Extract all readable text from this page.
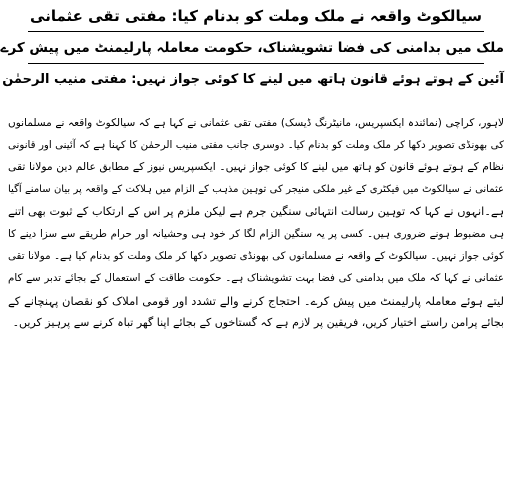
سیالکوٹ واقعہ نے ملک وملت کو بدنام کیا: مفتی تقی عثمانی
ملک میں بدامنی کی فضا تشویشناک، حکومت معاملہ پارلیمنٹ میں پیش کرے
آئین کے ہوتے ہوئے قانون ہاتھ میں لینے کا کوئی جواز نہیں: مفتی منیب الرحمٰن
لاہور، کراچی (نمائندہ ایکسپریس، مانیٹرنگ ڈیسک) مفتی تقی عثمانی نے کہا ہے کہ سیالکوٹ واقعہ نے مسلمانوں
کی بھونڈی تصویر دکھا کر ملک وملت کو بدنام کیا۔ دوسری جانب مفتی منیب الرحمٰن کا کہنا ہے کہ آئینی اور قانونی
نظام کے ہوتے ہوئے قانون کو ہاتھ میں لینے کا کوئی جواز نہیں۔ ایکسپریس نیوز کے مطابق عالم دین مولانا تقی
عثمانی نے سیالکوٹ میں فیکٹری کے غیر ملکی منیجر کی توہین مذہب کے الزام میں ہلاکت کے واقعہ پر بیان سامنے آگیا
ہے۔انہوں نے کہا کہ توہین رسالت انتہائی سنگین جرم ہے لیکن ملزم پر اس کے ارتکاب کے ثبوت بھی اتنے
ہی مضبوط ہونے ضروری ہیں۔ کسی پر یہ سنگین الزام لگا کر خود ہی وحشیانہ اور حرام طریقے سے سزا دینے کا
کوئی جواز نہیں۔ سیالکوٹ کے واقعہ نے مسلمانوں کی بھونڈی تصویر دکھا کر ملک وملت کو بدنام کیا ہے۔ مولانا تقی
عثمانی نے کہا کہ ملک میں بدامنی کی فضا بہت تشویشناک ہے۔ حکومت طاقت کے استعمال کے بجائے تدبر سے کام
لیتے ہوئے معاملہ پارلیمنٹ میں پیش کرے۔ احتجاج کرنے والے تشدد اور قومی املاک کو نقصان پہنچانے کے
بجائے پرامن راستے اختیار کریں، فریقین پر لازم ہے کہ گستاخوں کے بجائے اپنا گھر تباہ کرنے سے پرہیز کریں۔
